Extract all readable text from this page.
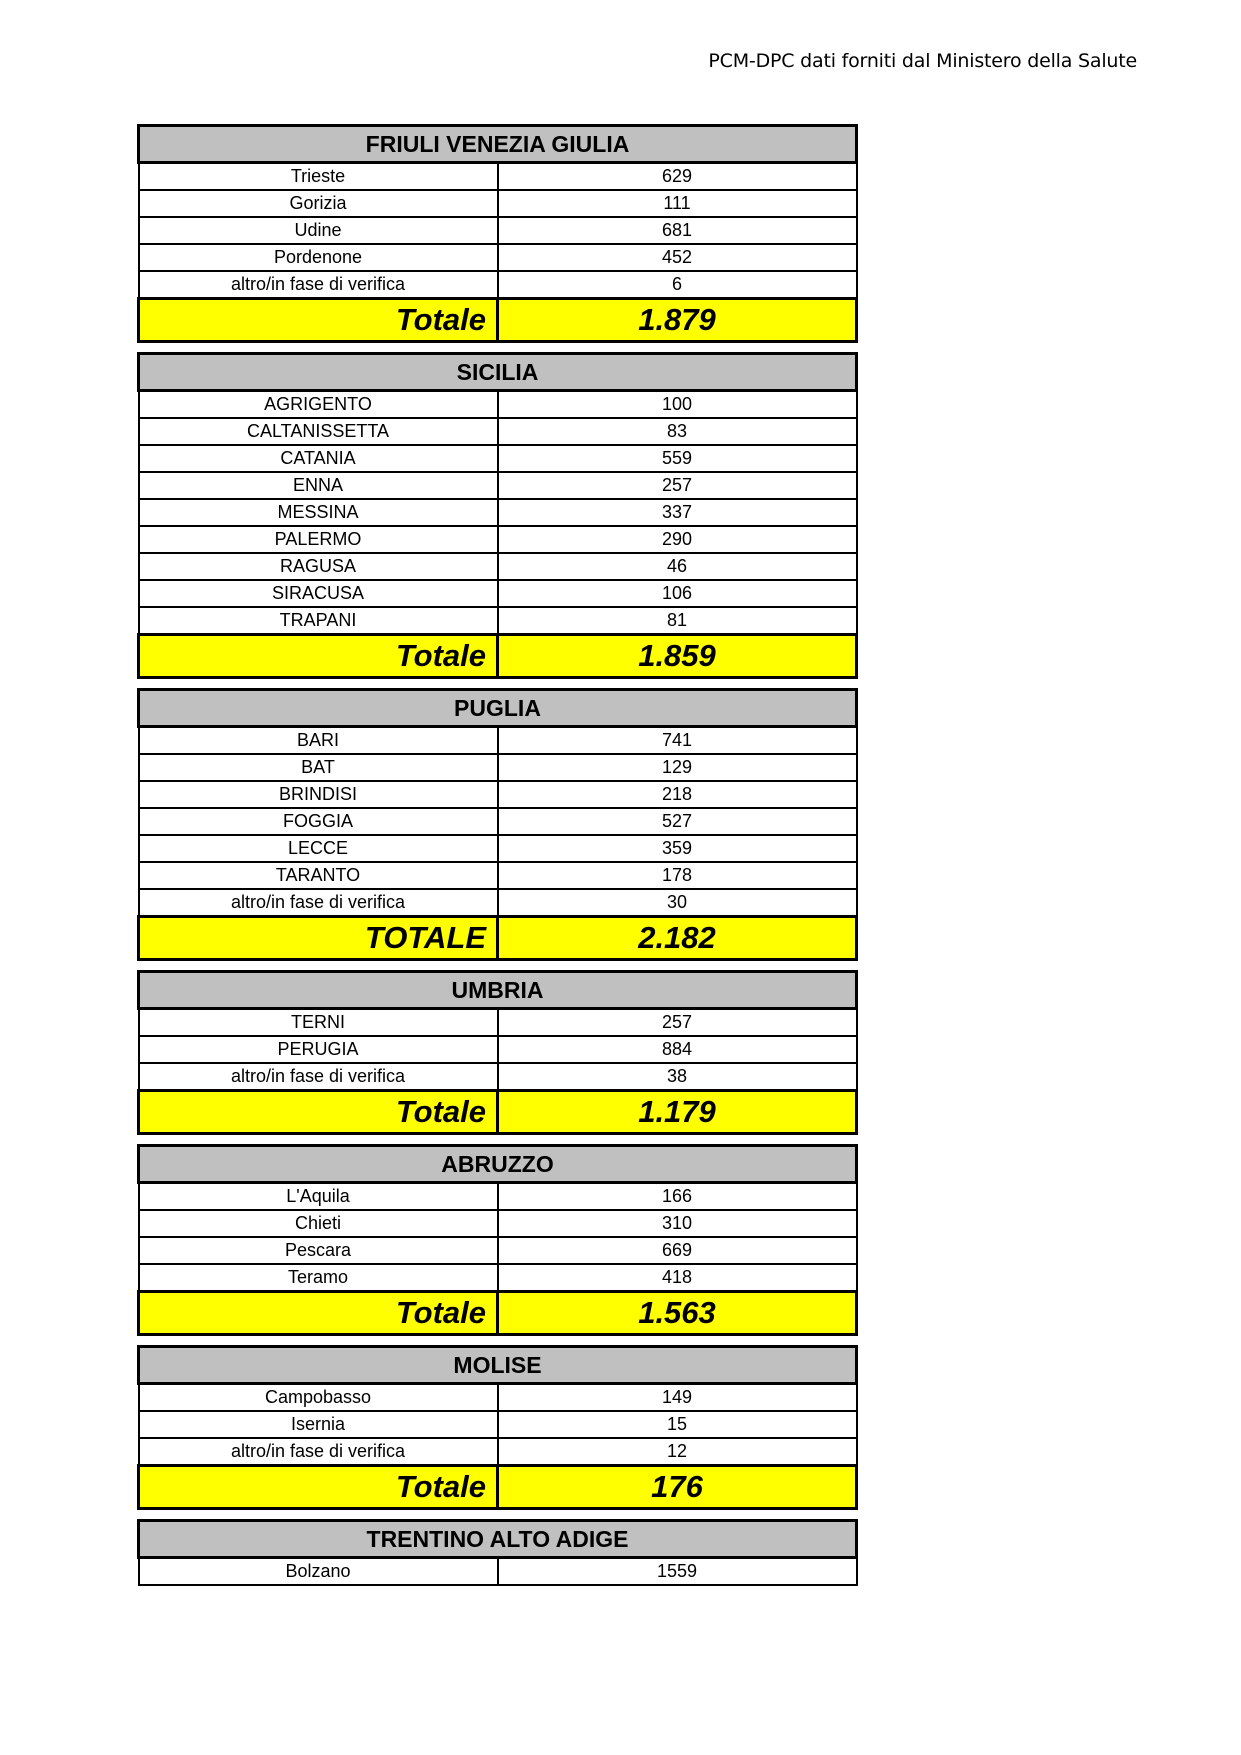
PCM-DPC dati forniti dal Ministero della Salute
FRIULI VENEZIA GIULIA	
Trieste	629
Gorizia	111
Udine	681
Pordenone	452
altro/in fase di verifica	6
Totale	1.879
SICILIA	
AGRIGENTO	100
CALTANISSETTA	83
CATANIA	559
ENNA	257
MESSINA	337
PALERMO	290
RAGUSA	46
SIRACUSA	106
TRAPANI	81
Totale	1.859
PUGLIA	
BARI	741
BAT	129
BRINDISI	218
FOGGIA	527
LECCE	359
TARANTO	178
altro/in fase di verifica	30
TOTALE	2.182
UMBRIA	
TERNI	257
PERUGIA	884
altro/in fase di verifica	38
Totale	1.179
ABRUZZO	
L'Aquila	166
Chieti	310
Pescara	669
Teramo	418
Totale	1.563
MOLISE	
Campobasso	149
Isernia	15
altro/in fase di verifica	12
Totale	176
TRENTINO ALTO ADIGE
Bolzano	1559
